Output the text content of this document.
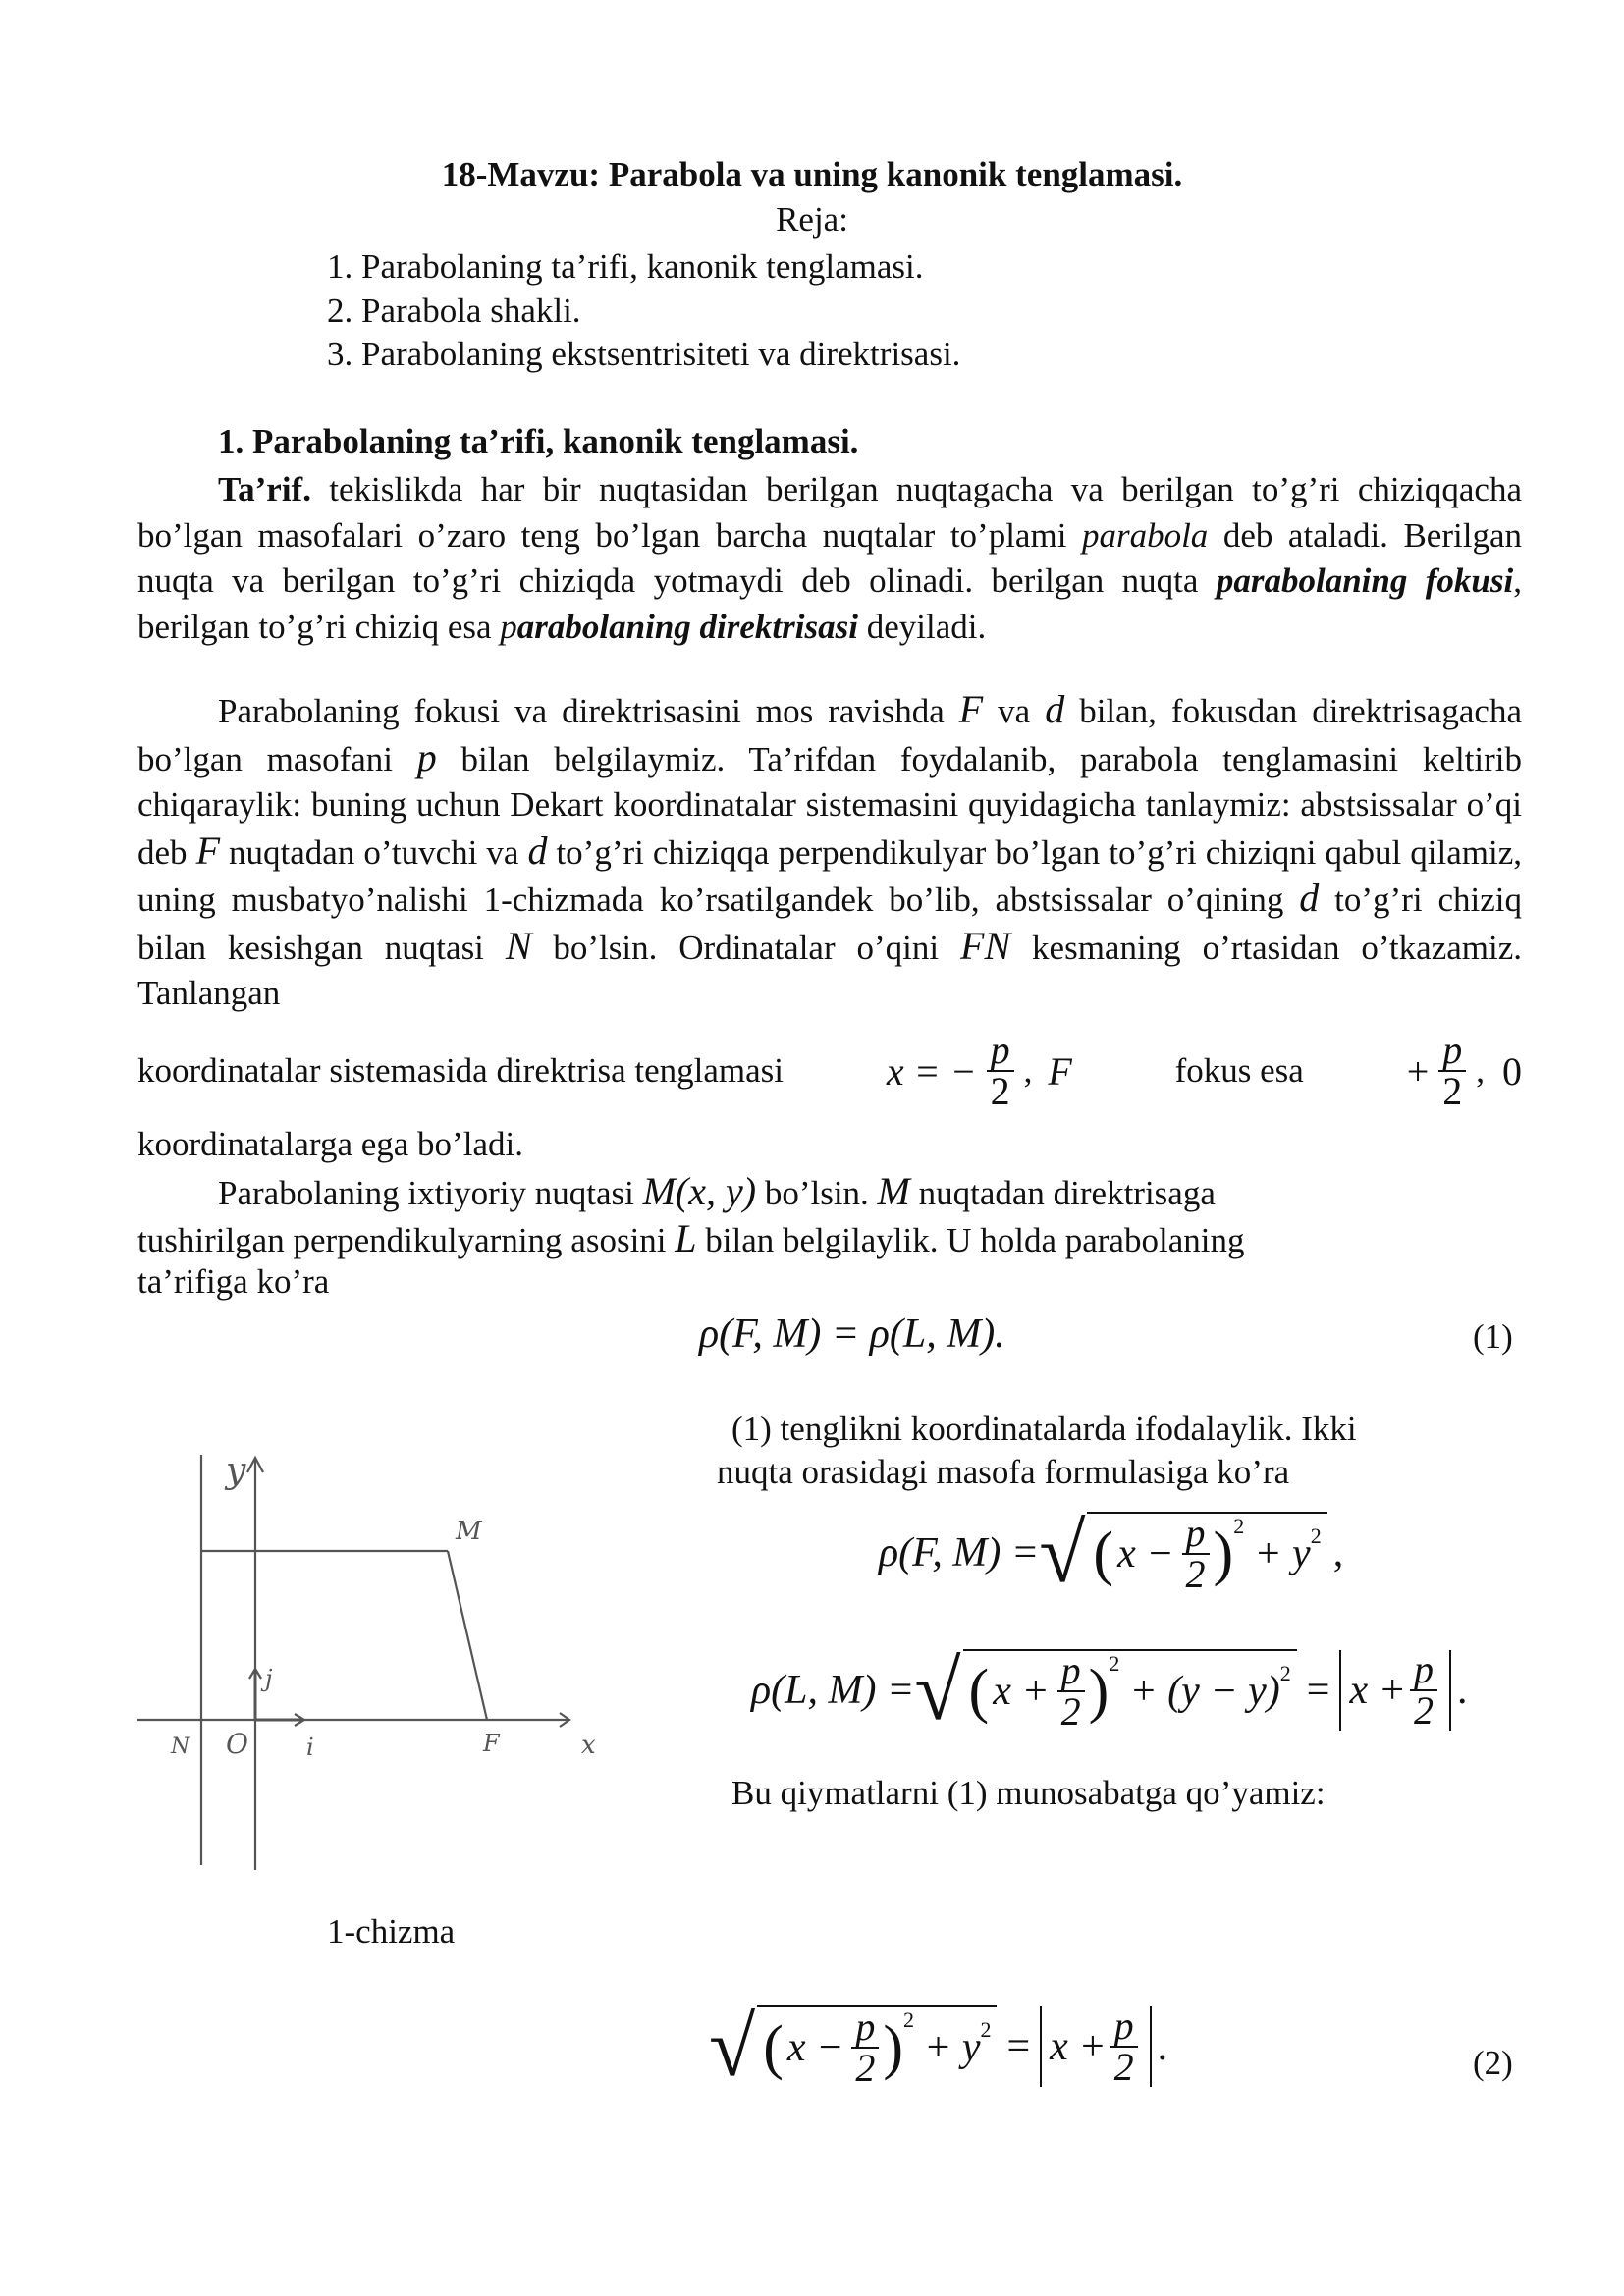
18-Mavzu: Parabola va uning kanonik tenglamasi.
Reja:
1. Parabolaning ta’rifi, kanonik tenglamasi.
2. Parabola shakli.
3. Parabolaning ekstsentrisiteti va direktrisasi.
1. Parabolaning ta’rifi, kanonik tenglamasi.
Ta’rif. tekislikda har bir nuqtasidan berilgan nuqtagacha va berilgan to’g’ri chiziqqacha bo’lgan masofalari o’zaro teng bo’lgan barcha nuqtalar to’plami parabola deb ataladi. Berilgan nuqta va berilgan to’g’ri chiziqda yotmaydi deb olinadi. berilgan nuqta parabolaning fokusi, berilgan to’g’ri chiziq esa parabolaning direktrisasi deyiladi.
Parabolaning fokusi va direktrisasini mos ravishda F va d bilan, fokusdan direktrisagacha bo’lgan masofani p bilan belgilaymiz. Ta’rifdan foydalanib, parabola tenglamasini keltirib chiqaraylik: buning uchun Dekart koordinatalar sistemasini quyidagicha tanlaymiz: abstsissalar o’qi deb F nuqtadan o’tuvchi va d to’g’ri chiziqqa perpendikulyar bo’lgan to’g’ri chiziqni qabul qilamiz, uning musbatyo’nalishi 1-chizmada ko’rsatilgandek bo’lib, abstsissalar o’qining d to’g’ri chiziq bilan kesishgan nuqtasi N bo’lsin. Ordinatalar o’qini FN kesmaning o’rtasidan o’tkazamiz. Tanlangan
koordinatalar sistemasida direktrisa tenglamasi	x = − $\frac{p}{2}$ , F	fokus esa	+ $\frac{p}{2}$ , 0
koordinatalarga ega bo’ladi.
Parabolaning ixtiyoriy nuqtasi M(x, y) bo’lsin. M nuqtadan direktrisaga
tushirilgan perpendikulyarning asosini L bilan belgilaylik. U holda parabolaning
ta’rifiga ko’ra
ρ(F, M) = ρ(L, M).	(1)
(1) tenglikni koordinatalarda ifodalaylik. Ikki
nuqta orasidagi masofa formulasiga ko’ra
ρ(F, M) = √ ( $x - \frac{p}{2} )^2$
+ $y^2$ ,
ρ(L, M) = √ ( $x + \frac{p}{2} )^2$
+ $(y - y)^2 = x + \frac{p}{2}$ .
Bu qiymatlarni (1) munosabatga qo’yamiz:
y
M
j
N O i	F	x
1-chizma
√ ( $x - \frac{p}{2} )^2$
+ $y^2 = x + \frac{p}{2}$ .	(2)
